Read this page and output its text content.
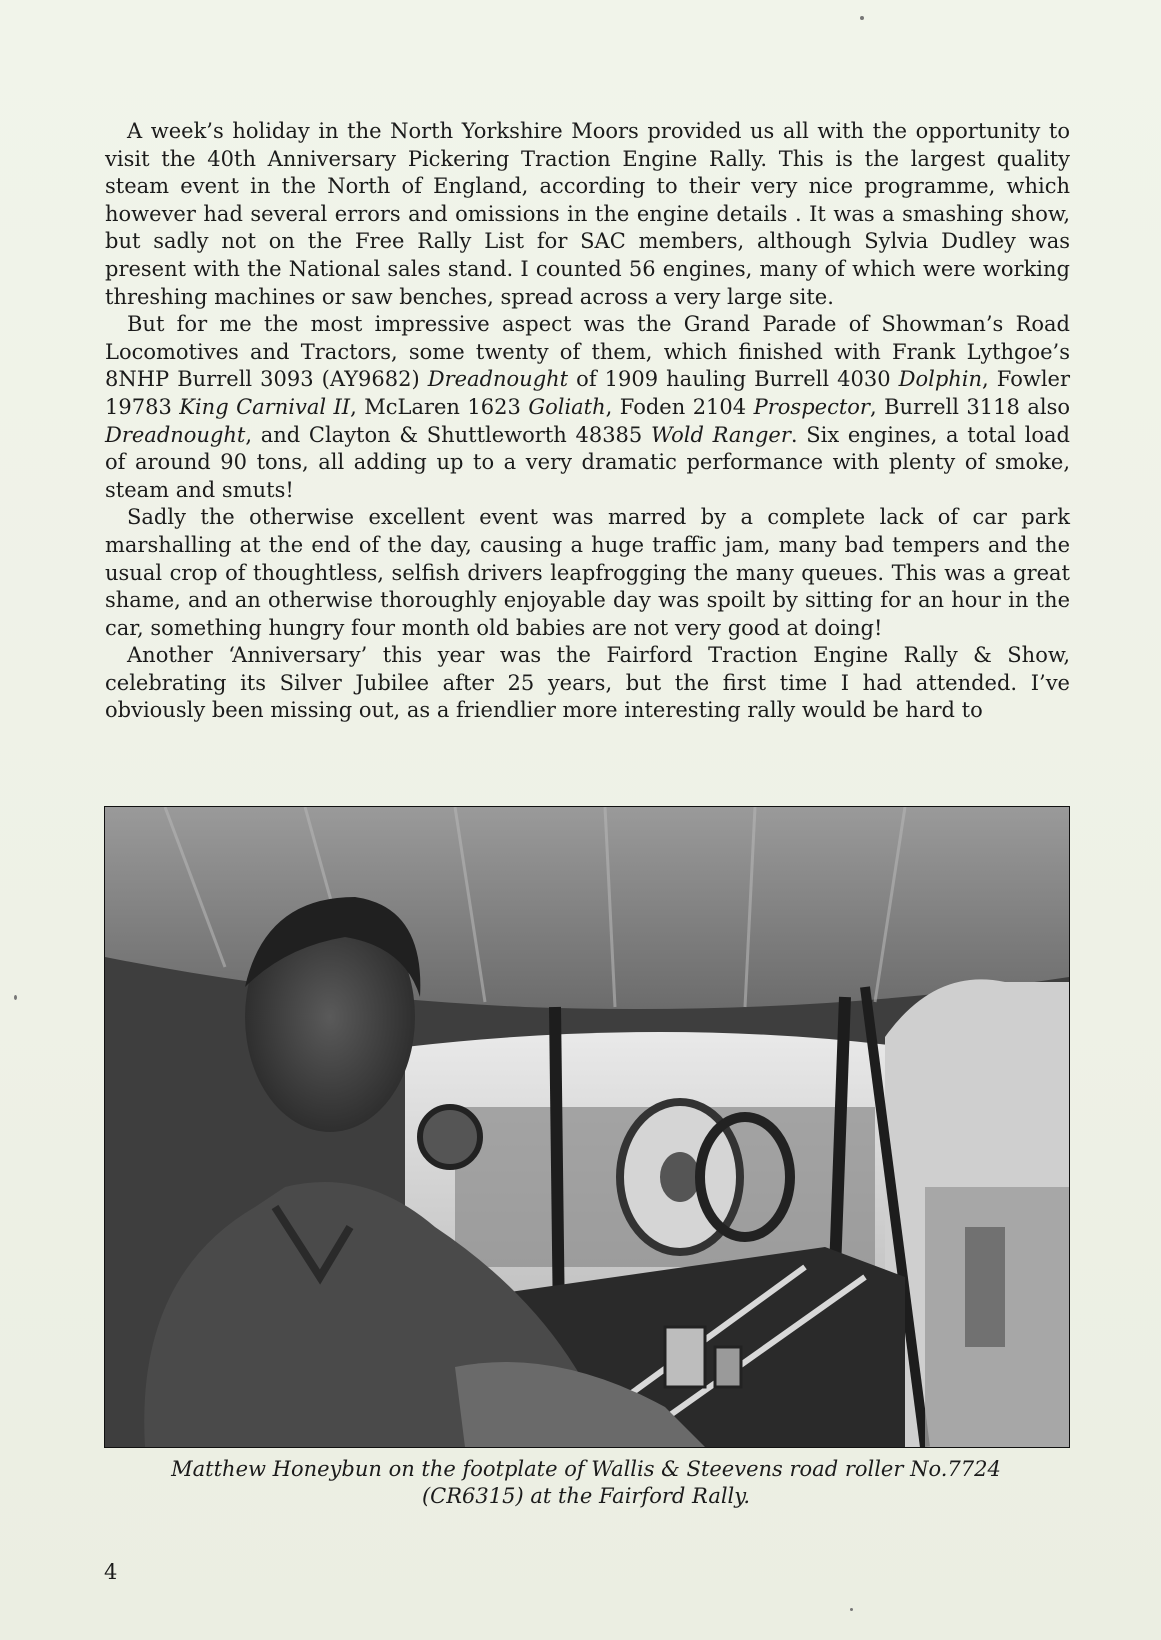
A week’s holiday in the North Yorkshire Moors provided us all with the opportunity to visit the 40th Anniversary Pickering Traction Engine Rally. This is the largest quality steam event in the North of England, according to their very nice programme, which however had several errors and omissions in the engine details . It was a smashing show, but sadly not on the Free Rally List for SAC members, although Sylvia Dudley was present with the National sales stand. I counted 56 engines, many of which were working threshing machines or saw benches, spread across a very large site.

But for me the most impressive aspect was the Grand Parade of Showman’s Road Locomotives and Tractors, some twenty of them, which finished with Frank Lythgoe’s 8NHP Burrell 3093 (AY9682) Dreadnought of 1909 hauling Burrell 4030 Dolphin, Fowler 19783 King Carnival II, McLaren 1623 Goliath, Foden 2104 Prospector, Burrell 3118 also Dreadnought, and Clayton & Shuttleworth 48385 Wold Ranger. Six engines, a total load of around 90 tons, all adding up to a very dramatic performance with plenty of smoke, steam and smuts!

Sadly the otherwise excellent event was marred by a complete lack of car park marshalling at the end of the day, causing a huge traffic jam, many bad tempers and the usual crop of thoughtless, selfish drivers leapfrogging the many queues. This was a great shame, and an otherwise thoroughly enjoyable day was spoilt by sitting for an hour in the car, something hungry four month old babies are not very good at doing!

Another ‘Anniversary’ this year was the Fairford Traction Engine Rally & Show, celebrating its Silver Jubilee after 25 years, but the first time I had attended. I’ve obviously been missing out, as a friendlier more interesting rally would be hard to

Matthew Honeybun on the footplate of Wallis & Steevens road roller No.7724
(CR6315) at the Fairford Rally.
4
